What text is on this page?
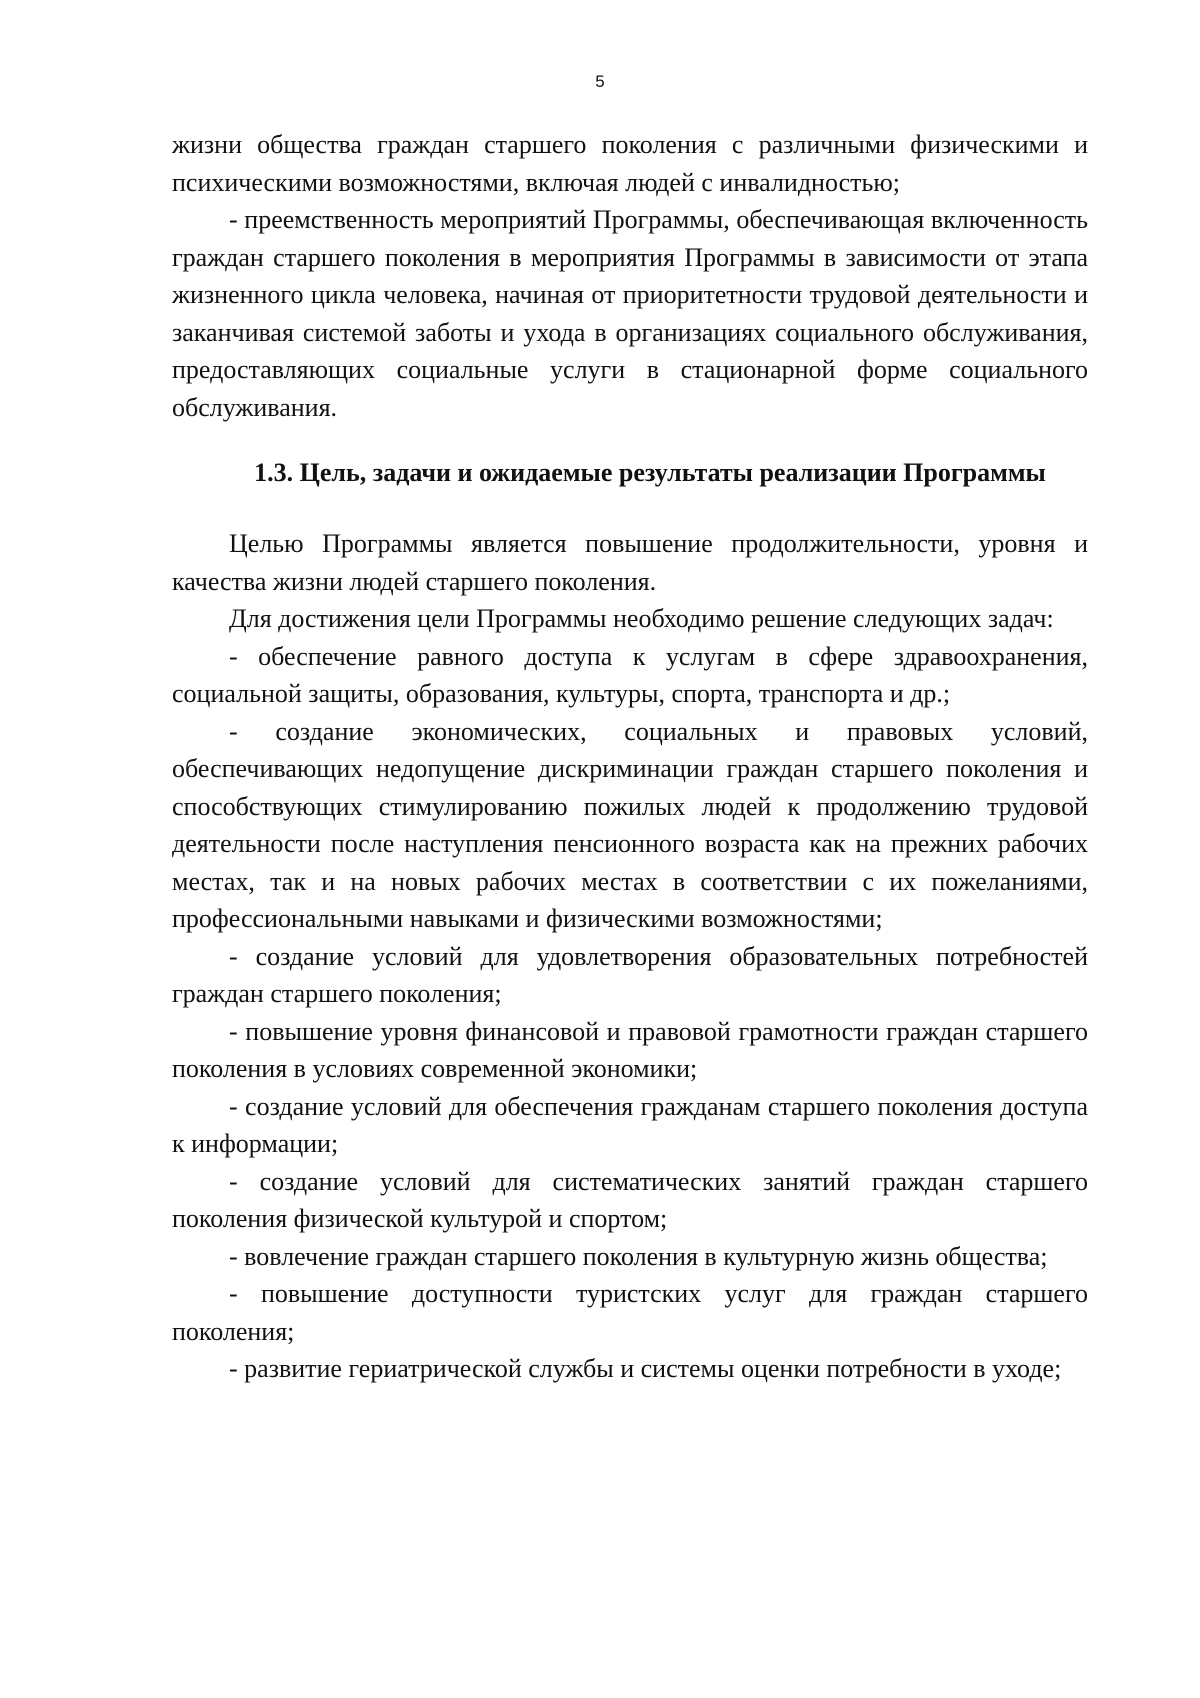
5

жизни общества граждан старшего поколения с различными физическими и психическими возможностями, включая людей с инвалидностью;

- преемственность мероприятий Программы, обеспечивающая включенность граждан старшего поколения в мероприятия Программы в зависимости от этапа жизненного цикла человека, начиная от приоритетности трудовой деятельности и заканчивая системой заботы и ухода в организациях социального обслуживания, предоставляющих социальные услуги в стационарной форме социального обслуживания.

1.3. Цель, задачи и ожидаемые результаты реализации Программы

Целью Программы является повышение продолжительности, уровня и качества жизни людей старшего поколения.

Для достижения цели Программы необходимо решение следующих задач:

- обеспечение равного доступа к услугам в сфере здравоохранения, социальной защиты, образования, культуры, спорта, транспорта и др.;

- создание экономических, социальных и правовых условий, обеспечивающих недопущение дискриминации граждан старшего поколения и способствующих стимулированию пожилых людей к продолжению трудовой деятельности после наступления пенсионного возраста как на прежних рабочих местах, так и на новых рабочих местах в соответствии с их пожеланиями, профессиональными навыками и физическими возможностями;

- создание условий для удовлетворения образовательных потребностей граждан старшего поколения;

- повышение уровня финансовой и правовой грамотности граждан старшего поколения в условиях современной экономики;

- создание условий для обеспечения гражданам старшего поколения доступа к информации;

- создание условий для систематических занятий граждан старшего поколения физической культурой и спортом;

- вовлечение граждан старшего поколения в культурную жизнь общества;

- повышение доступности туристских услуг для граждан старшего поколения;

- развитие гериатрической службы и системы оценки потребности в уходе;
